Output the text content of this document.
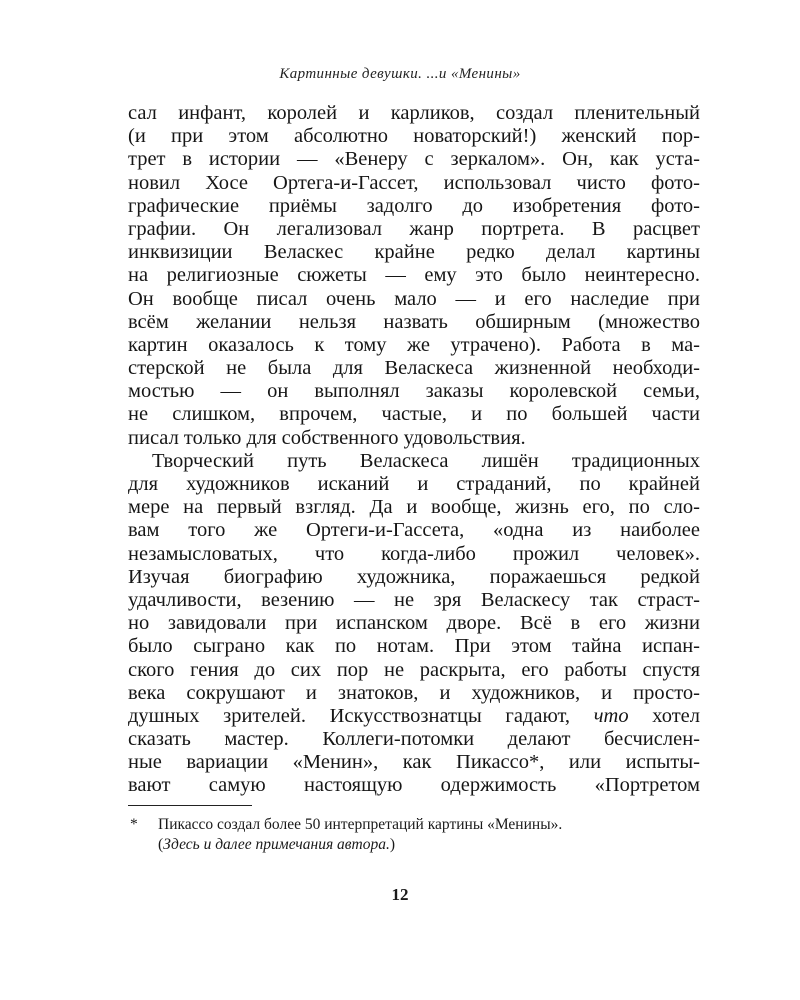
Картинные девушки. ...и «Менины»
сал инфант, королей и карликов, создал пленительный
(и при этом абсолютно новаторский!) женский пор-
трет в истории — «Венеру с зеркалом». Он, как уста-
новил Хосе Ортега-и-Гассет, использовал чисто фото-
графические приёмы задолго до изобретения фото-
графии. Он легализовал жанр портрета. В расцвет
инквизиции Веласкес крайне редко делал картины
на религиозные сюжеты — ему это было неинтересно.
Он вообще писал очень мало — и его наследие при
всём желании нельзя назвать обширным (множество
картин оказалось к тому же утрачено). Работа в ма-
стерской не была для Веласкеса жизненной необходи-
мостью — он выполнял заказы королевской семьи,
не слишком, впрочем, частые, и по большей части
писал только для собственного удовольствия.
Творческий путь Веласкеса лишён традиционных
для художников исканий и страданий, по крайней
мере на первый взгляд. Да и вообще, жизнь его, по сло-
вам того же Ортеги-и-Гассета, «одна из наиболее
незамысловатых, что когда-либо прожил человек».
Изучая биографию художника, поражаешься редкой
удачливости, везению — не зря Веласкесу так страст-
но завидовали при испанском дворе. Всё в его жизни
было сыграно как по нотам. При этом тайна испан-
ского гения до сих пор не раскрыта, его работы спустя
века сокрушают и знатоков, и художников, и просто-
душных зрителей. Искусствознатцы гадают, что хотел
сказать мастер. Коллеги-потомки делают бесчислен-
ные вариации «Менин», как Пикассо*, или испыты-
вают самую настоящую одержимость «Портретом
*	Пикассо создал более 50 интерпретаций картины «Менины».
(Здесь и далее примечания автора.)
12
